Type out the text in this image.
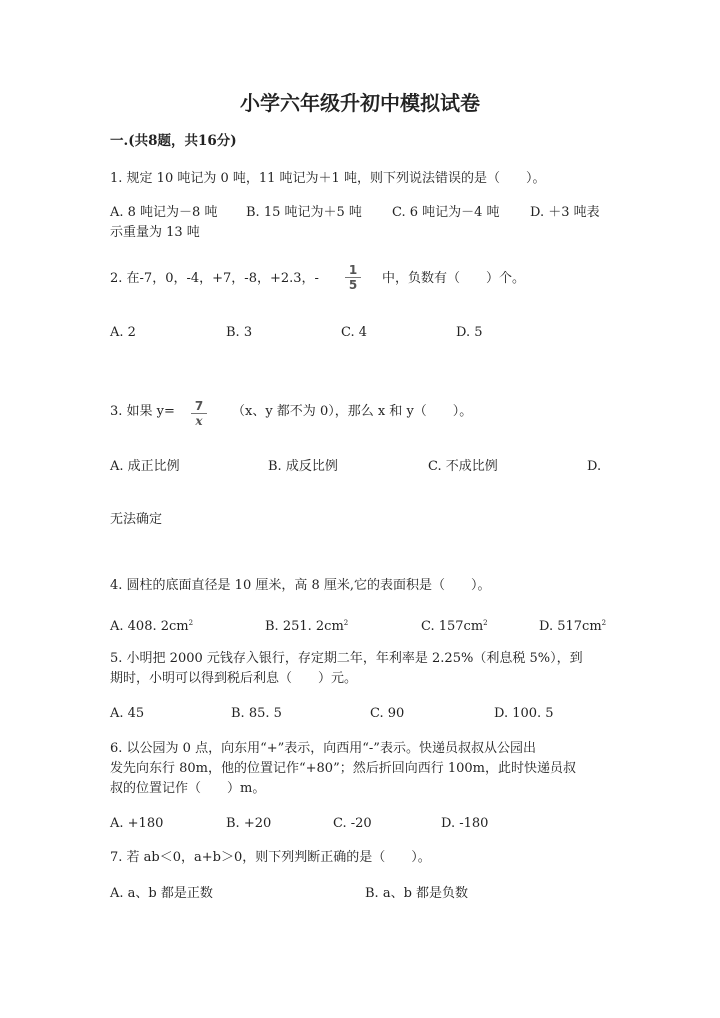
小学六年级升初中模拟试卷
一.(共8题，共16分)
1. 规定 10 吨记为 0 吨，11 吨记为＋1 吨，则下列说法错误的是（　　）。
A. 8 吨记为－8 吨 B. 15 吨记为＋5 吨 C. 6 吨记为－4 吨 D. ＋3 吨表
示重量为 13 吨
2. 在-7，0，-4，+7，-8，+2.3，- $\frac{1}{5}$ 中，负数有（　　）个。
A. 2	B. 3	C. 4	D. 5
3. 如果 $y= \frac{7}{x} (x$、y 都不为 0），那么 x 和 y（　　）。
A. 成正比例	B. 成反比例	C. 不成比例	D.
无法确定
4. 圆柱的底面直径是 10 厘米，高 8 厘米,它的表面积是（　　）。
A. 408. $2cm^2$	B. 251. $2cm^2$	C. $157cm^2$	D. $517cm^2$
5. 小明把 2000 元钱存入银行，存定期二年，年利率是 2.25%（利息税 5%），到
期时，小明可以得到税后利息（　　）元。
A. 45	B. 85. 5	C. 90	D. 100. 5
6. 以公园为 0 点，向东用“+”表示，向西用“-”表示。快递员叔叔从公园出
发先向东行 80m，他的位置记作“+80”；然后折回向西行 100m，此时快递员叔
叔的位置记作（　　）m。
A. +180	B. +20	C. -20	D. -180
7. 若 ab＜0，a+b＞0，则下列判断正确的是（　　）。
A. a、b 都是正数	B. a、b 都是负数
